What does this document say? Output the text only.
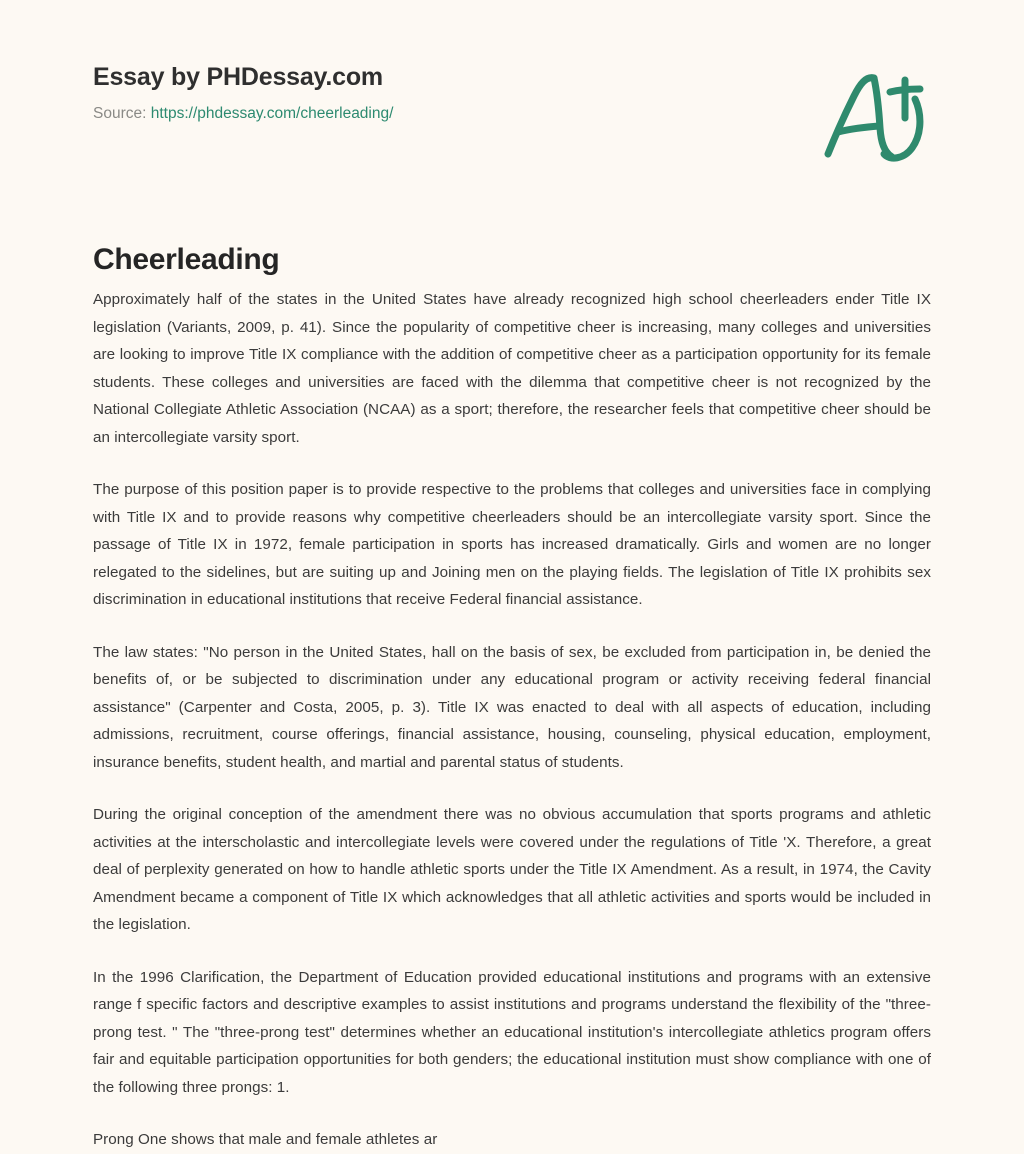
Essay by PHDessay.com
Source: https://phdessay.com/cheerleading/
Cheerleading

Approximately half of the states in the United States have already recognized high school cheerleaders ender Title IX legislation (Variants, 2009, p. 41). Since the popularity of competitive cheer is increasing, many colleges and universities are looking to improve Title IX compliance with the addition of competitive cheer as a participation opportunity for its female students. These colleges and universities are faced with the dilemma that competitive cheer is not recognized by the National Collegiate Athletic Association (NCAA) as a sport; therefore, the researcher feels that competitive cheer should be an intercollegiate varsity sport.

The purpose of this position paper is to provide respective to the problems that colleges and universities face in complying with Title IX and to provide reasons why competitive cheerleaders should be an intercollegiate varsity sport. Since the passage of Title IX in 1972, female participation in sports has increased dramatically. Girls and women are no longer relegated to the sidelines, but are suiting up and Joining men on the playing fields. The legislation of Title IX prohibits sex discrimination in educational institutions that receive Federal financial assistance.

The law states: "No person in the United States, hall on the basis of sex, be excluded from participation in, be denied the benefits of, or be subjected to discrimination under any educational program or activity receiving federal financial assistance" (Carpenter and Costa, 2005, p. 3). Title IX was enacted to deal with all aspects of education, including admissions, recruitment, course offerings, financial assistance, housing, counseling, physical education, employment, insurance benefits, student health, and martial and parental status of students.

During the original conception of the amendment there was no obvious accumulation that sports programs and athletic activities at the interscholastic and intercollegiate levels were covered under the regulations of Title 'X. Therefore, a great deal of perplexity generated on how to handle athletic sports under the Title IX Amendment. As a result, in 1974, the Cavity Amendment became a component of Title IX which acknowledges that all athletic activities and sports would be included in the legislation.

In the 1996 Clarification, the Department of Education provided educational institutions and programs with an extensive range f specific factors and descriptive examples to assist institutions and programs understand the flexibility of the "three-prong test. " The "three-prong test" determines whether an educational institution's intercollegiate athletics program offers fair and equitable participation opportunities for both genders; the educational institution must show compliance with one of the following three prongs: 1.

Prong One shows that male and female athletes ar
